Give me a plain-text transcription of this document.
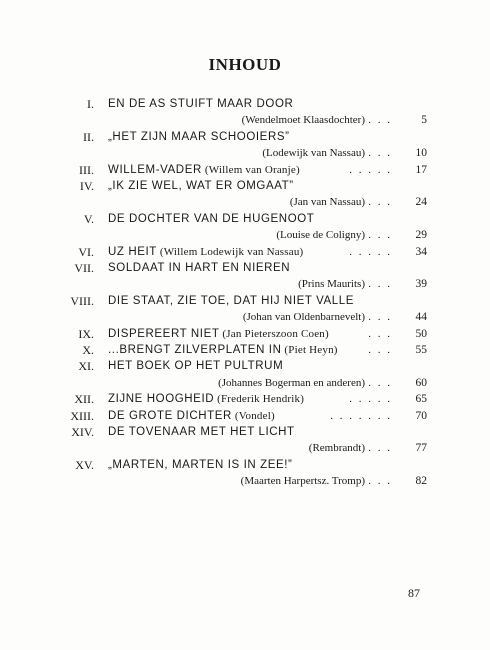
INHOUD
I. EN DE AS STUIFT MAAR DOOR
(Wendelmoet Klaasdochter) . . .	5
II. „HET ZIJN MAAR SCHOOIERS”
(Lodewijk van Nassau) . . . 10
III. WILLEM-VADER (Willem van Oranje)	. . . . . 17
IV. „IK ZIE WEL, WAT ER OMGAAT”
(Jan van Nassau) . . . 24
V. DE DOCHTER VAN DE HUGENOOT
(Louise de Coligny) . . . 29
VI. UZ HEIT (Willem Lodewijk van Nassau)	. . . . . 34
VII. SOLDAAT IN HART EN NIEREN
(Prins Maurits) . . . 39
VIII. DIE STAAT, ZIE TOE, DAT HIJ NIET VALLE
(Johan van Oldenbarnevelt) . . . 44
IX. DISPEREERT NIET (Jan Pieterszoon Coen)	. . . 50
X. ...BRENGT ZILVERPLATEN IN (Piet Heyn)	. . . 55
XI. HET BOEK OP HET PULTRUM
(Johannes Bogerman en anderen) . . . 60
XII. ZIJNE HOOGHEID (Frederik Hendrik)	. . . . . 65
XIII. DE GROTE DICHTER (Vondel)	. . . . . . . 70
XIV. DE TOVENAAR MET HET LICHT
(Rembrandt) . . . 77
XV. „MARTEN, MARTEN IS IN ZEE!”
(Maarten Harpertsz. Tromp) . . . 82
87
